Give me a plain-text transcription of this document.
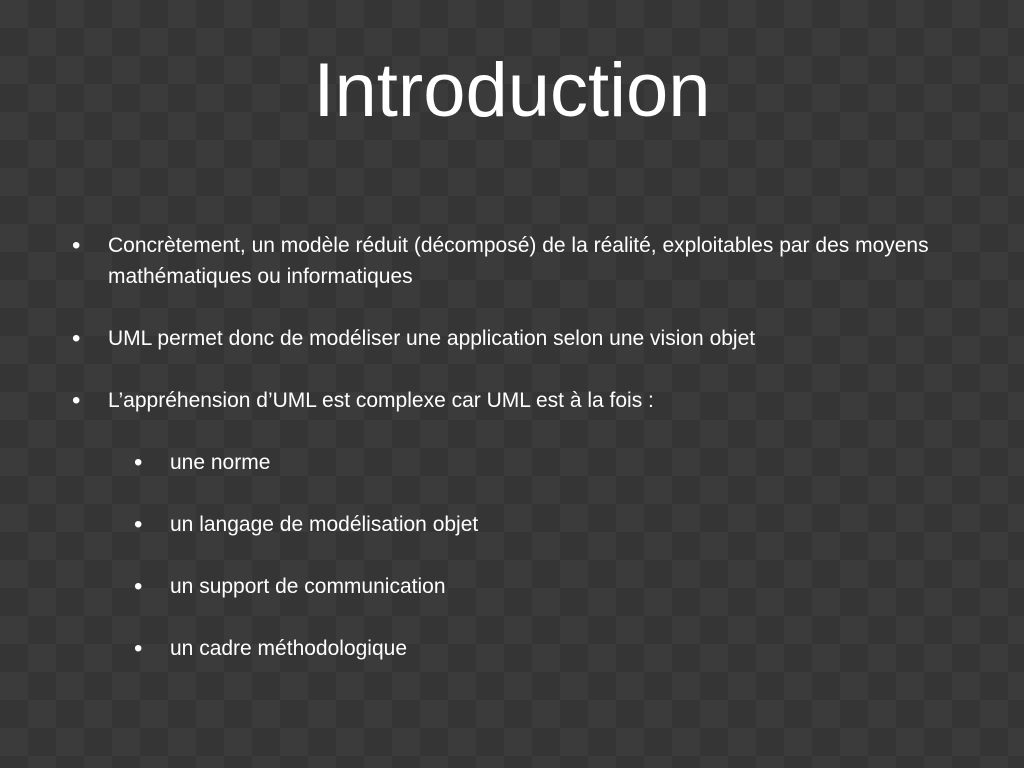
Introduction
• Concrètement, un modèle réduit (décomposé) de la réalité, exploitables par des moyens mathématiques ou informatiques
• UML permet donc de modéliser une application selon une vision objet
• L’appréhension d’UML est complexe car UML est à la fois :
• une norme
• un langage de modélisation objet
• un support de communication
• un cadre méthodologique
